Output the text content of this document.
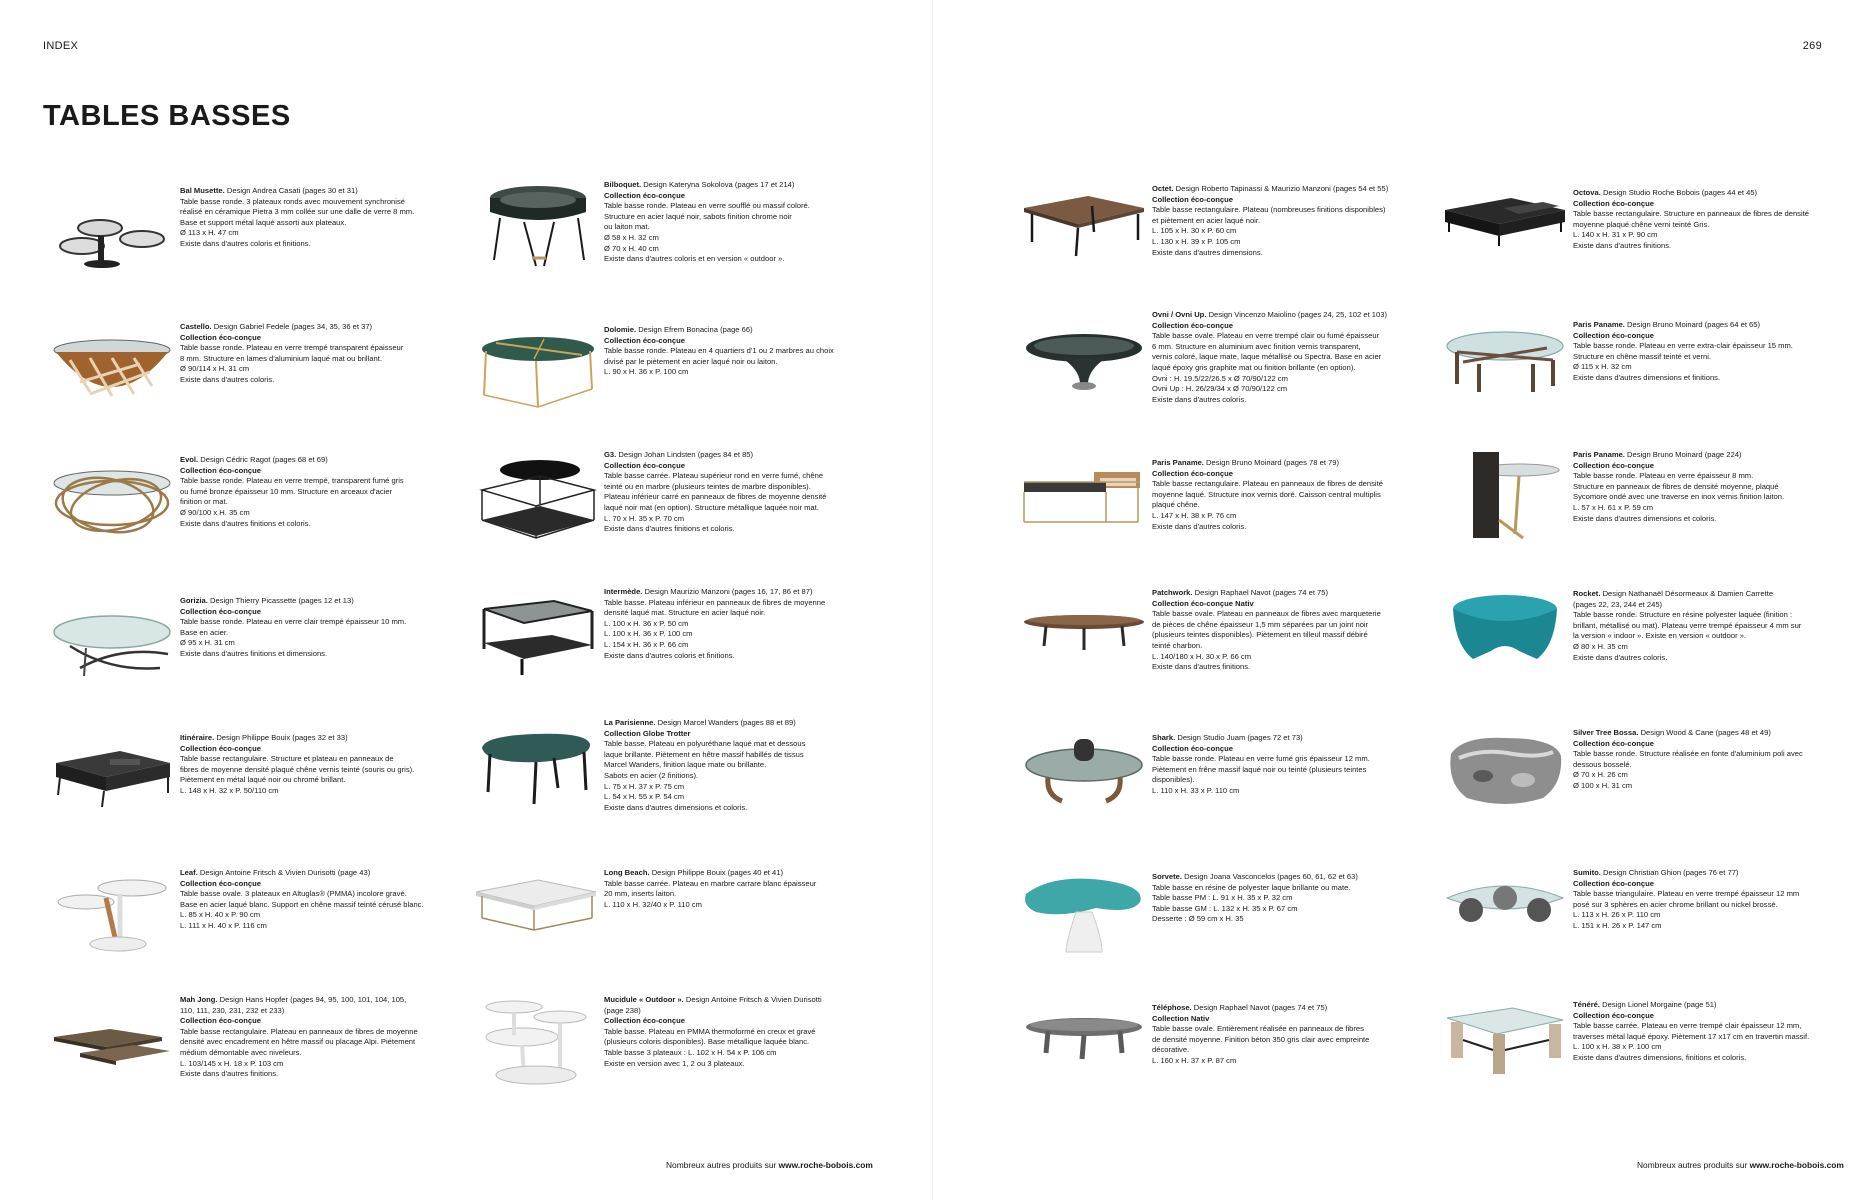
INDEX	269
TABLES BASSES

Bal Musette. Design Andrea Casati (pages 30 et 31)

Table basse ronde. 3 plateaux ronds avec mouvement synchronisé

réalisé en céramique Pietra 3 mm collée sur une dalle de verre 8 mm.

Base et support métal laqué assorti aux plateaux.

Ø 113 x H. 47 cm

Existe dans d'autres coloris et finitions.

Castello. Design Gabriel Fedele (pages 34, 35, 36 et 37)

Collection éco-conçue

Table basse ronde. Plateau en verre trempé transparent épaisseur

8 mm. Structure en lames d'aluminium laqué mat ou brillant.

Ø 90/114 x H. 31 cm

Existe dans d'autres coloris.

Evol. Design Cédric Ragot (pages 68 et 69)

Collection éco-conçue

Table basse ronde. Plateau en verre trempé, transparent fumé gris

ou fumé bronze épaisseur 10 mm. Structure en arceaux d'acier

finition or mat.

Ø 90/100 x H. 35 cm

Existe dans d'autres finitions et coloris.

Gorizia. Design Thierry Picassette (pages 12 et 13)

Collection éco-conçue

Table basse ronde. Plateau en verre clair trempé épaisseur 10 mm.

Base en acier.

Ø 95 x H. 31 cm

Existe dans d'autres finitions et dimensions.

Itinéraire. Design Philippe Bouix (pages 32 et 33)

Collection éco-conçue

Table basse rectangulaire. Structure et plateau en panneaux de

fibres de moyenne densité plaqué chêne vernis teinté (souris ou gris).

Piètement en métal laqué noir ou chromé brillant.

L. 148 x H. 32 x P. 50/110 cm

Leaf. Design Antoine Fritsch & Vivien Durisotti (page 43)

Collection éco-conçue

Table basse ovale. 3 plateaux en Altuglas® (PMMA) incolore gravé.

Base en acier laqué blanc. Support en chêne massif teinté cérusé blanc.

L. 85 x H. 40 x P. 90 cm

L. 111 x H. 40 x P. 116 cm

Mah Jong. Design Hans Hopfer (pages 94, 95, 100, 101, 104, 105,

110, 111, 230, 231, 232 et 233)

Collection éco-conçue

Table basse rectangulaire. Plateau en panneaux de fibres de moyenne

densité avec encadrement en hêtre massif ou placage Alpi. Piétement

médium démontable avec niveleurs.

L. 103/145 x H. 18 x P. 103 cm

Existe dans d'autres finitions.

Bilboquet. Design Kateryna Sokolova (pages 17 et 214)

Collection éco-conçue

Table basse ronde. Plateau en verre soufflé ou massif coloré.

Structure en acier laqué noir, sabots finition chrome noir

ou laiton mat.

Ø 58 x H. 32 cm

Ø 70 x H. 40 cm

Existe dans d'autres coloris et en version « outdoor ».

Dolomie. Design Efrem Bonacina (page 66)

Collection éco-conçue

Table basse ronde. Plateau en 4 quartiers d'1 ou 2 marbres au choix

divisé par le piètement en acier laqué noir ou laiton.

L. 90 x H. 36 x P. 100 cm

G3. Design Johan Lindsten (pages 84 et 85)

Collection éco-conçue

Table basse carrée. Plateau supérieur rond en verre fumé, chêne

teinté ou en marbre (plusieurs teintes de marbre disponibles).

Plateau inférieur carré en panneaux de fibres de moyenne densité

laqué noir mat (en option). Structure métallique laquée noir mat.

L. 70 x H. 35 x P. 70 cm

Existe dans d'autres finitions et coloris.

Intermède. Design Maurizio Manzoni (pages 16, 17, 86 et 87)

Table basse. Plateau inférieur en panneaux de fibres de moyenne

densité laqué mat. Structure en acier laqué noir.

L. 100 x H. 36 x P. 50 cm

L. 100 x H. 36 x P. 100 cm

L. 154 x H. 36 x P. 66 cm

Existe dans d'autres coloris et finitions.

La Parisienne. Design Marcel Wanders (pages 88 et 89)

Collection Globe Trotter

Table basse. Plateau en polyuréthane laqué mat et dessous

laque brillante. Piètement en hêtre massif habillés de tissus

Marcel Wanders, finition laque mate ou brillante.

Sabots en acier (2 finitions).

L. 75 x H. 37 x P. 75 cm

L. 54 x H. 55 x P. 54 cm

Existe dans d'autres dimensions et coloris.

Long Beach. Design Philippe Bouix (pages 40 et 41)

Table basse carrée. Plateau en marbre carrare blanc épaisseur

20 mm, inserts laiton.

L. 110 x H. 32/40 x P. 110 cm

Mucidule « Outdoor ». Design Antoine Fritsch & Vivien Durisotti

(page 238)

Collection éco-conçue

Table basse. Plateau en PMMA thermoformé en creux et gravé

(plusieurs coloris disponibles). Base métallique laquée blanc.

Table basse 3 plateaux : L. 102 x H. 54 x P. 106 cm

Existe en version avec 1, 2 ou 3 plateaux.

Octet. Design Roberto Tapinassi & Maurizio Manzoni (pages 54 et 55)

Collection éco-conçue

Table basse rectangulaire. Plateau (nombreuses finitions disponibles)

et piètement en acier laqué noir.

L. 105 x H. 30 x P. 60 cm

L. 130 x H. 39 x P. 105 cm

Existe dans d'autres dimensions.

Ovni / Ovni Up. Design Vincenzo Maiolino (pages 24, 25, 102 et 103)

Collection éco-conçue

Table basse ovale. Plateau en verre trempé clair ou fumé épaisseur

6 mm. Structure en aluminium avec finition vernis transparent,

vernis coloré, laque mate, laque métallisé ou Spectra. Base en acier

laqué époxy gris graphite mat ou finition brillante (en option).

Ovni : H. 19.5/22/26.5 x Ø 70/90/122 cm

Ovni Up : H. 26/29/34 x Ø 70/90/122 cm

Existe dans d'autres coloris.

Paris Paname. Design Bruno Moinard (pages 78 et 79)

Collection éco-conçue

Table basse rectangulaire. Plateau en panneaux de fibres de densité

moyenne laqué. Structure inox vernis doré. Caisson central multiplis

plaqué chêne.

L. 147 x H. 38 x P. 76 cm

Existe dans d'autres coloris.

Patchwork. Design Raphael Navot (pages 74 et 75)

Collection éco-conçue Nativ

Table basse ovale. Plateau en panneaux de fibres avec marqueterie

de pièces de chêne épaisseur 1,5 mm séparées par un joint noir

(plusieurs teintes disponibles). Piètement en tilleul massif débiré

teinté charbon.

L. 140/180 x H. 30 x P. 66 cm

Existe dans d'autres finitions.

Shark. Design Studio Juam (pages 72 et 73)

Collection éco-conçue

Table basse ronde. Plateau en verre fumé gris épaisseur 12 mm.

Piètement en frêne massif laqué noir ou teinté (plusieurs teintes

disponibles).

L. 110 x H. 33 x P. 110 cm

Sorvete. Design Joana Vasconcelos (pages 60, 61, 62 et 63)

Table basse en résine de polyester laque brillante ou mate.

Table basse PM : L. 91 x H. 35 x P. 32 cm

Table basse GM : L. 132 x H. 35 x P. 67 cm

Desserte : Ø 59 cm x H. 35

Téléphose. Design Raphael Navot (pages 74 et 75)

Collection Nativ

Table basse ovale. Entièrement réalisée en panneaux de fibres

de densité moyenne. Finition béton 350 gris clair avec empreinte

décorative.

L. 160 x H. 37 x P. 87 cm

Octova. Design Studio Roche Bobois (pages 44 et 45)

Collection éco-conçue

Table basse rectangulaire. Structure en panneaux de fibres de densité

moyenne plaqué chêne verni teinté Gris.

L. 140 x H. 31 x P. 90 cm

Existe dans d'autres finitions.

Paris Paname. Design Bruno Moinard (pages 64 et 65)

Collection éco-conçue

Table basse ronde. Plateau en verre extra-clair épaisseur 15 mm.

Structure en chêne massif teinté et verni.

Ø 115 x H. 32 cm

Existe dans d'autres dimensions et finitions.

Paris Paname. Design Bruno Moinard (page 224)

Collection éco-conçue

Table basse ronde. Plateau en verre épaisseur 8 mm.

Structure en panneaux de fibres de densité moyenne, plaqué

Sycomore ondé avec une traverse en inox vernis finition laiton.

L. 57 x H. 61 x P. 59 cm

Existe dans d'autres dimensions et coloris.

Rocket. Design Nathanaël Désormeaux & Damien Carrette

(pages 22, 23, 244 et 245)

Table basse ronde. Structure en résine polyester laquée (finition :

brillant, métallisé ou mat). Plateau verre trempé épaisseur 4 mm sur

la version « indoor ». Existe en version « outdoor ».

Ø 80 x H. 35 cm

Existe dans d'autres coloris.

Silver Tree Bossa. Design Wood & Cane (pages 48 et 49)

Collection éco-conçue

Table basse ronde. Structure réalisée en fonte d'aluminium poli avec

dessous bosselé.

Ø 70 x H. 26 cm

Ø 100 x H. 31 cm

Sumito. Design Christian Ghion (pages 76 et 77)

Collection éco-conçue

Table basse triangulaire. Plateau en verre trempé épaisseur 12 mm

posé sur 3 sphères en acier chrome brillant ou nickel brossé.

L. 113 x H. 26 x P. 110 cm

L. 151 x H. 26 x P. 147 cm

Ténéré. Design Lionel Morgaine (page 51)

Collection éco-conçue

Table basse carrée. Plateau en verre trempé clair épaisseur 12 mm,

traverses métal laqué époxy. Piètement 17 x17 cm en travertin massif.

L. 100 x H. 38 x P. 100 cm

Existe dans d'autres dimensions, finitions et coloris.

Nombreux autres produits sur www.roche-bobois.com	Nombreux autres produits sur www.roche-bobois.com
